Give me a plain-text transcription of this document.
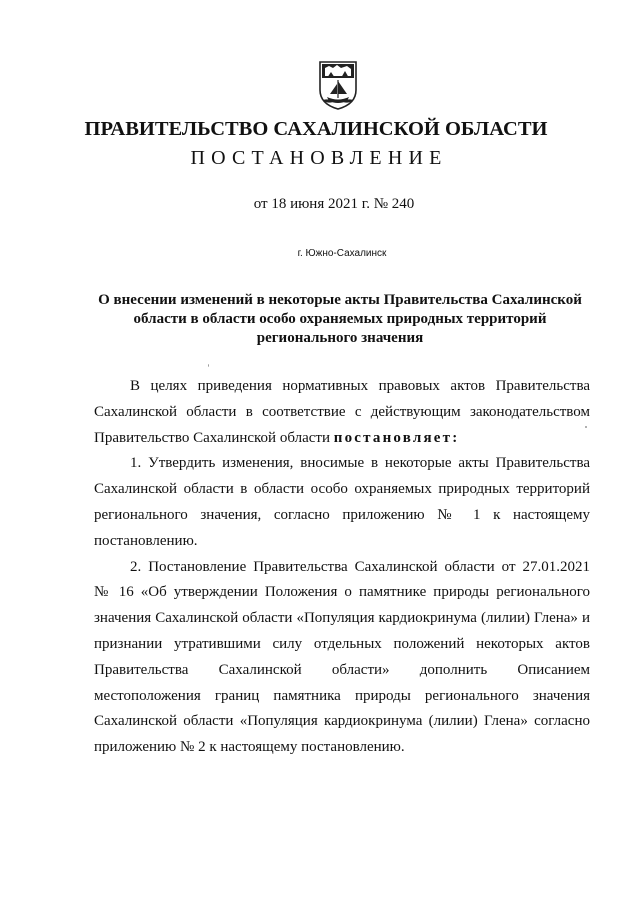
ПРАВИТЕЛЬСТВО САХАЛИНСКОЙ ОБЛАСТИ
ПОСТАНОВЛЕНИЕ
от 18 июня 2021 г. № 240
г. Южно-Сахалинск
О внесении изменений в некоторые акты Правительства Сахалинской
области в области особо охраняемых природных территорий
регионального значения
В целях приведения нормативных правовых актов Правительства
Сахалинской области в соответствие с действующим законодательством
Правительство Сахалинской области постановляет:
1. Утвердить изменения, вносимые в некоторые акты Правительства
Сахалинской области в области особо охраняемых природных территорий
регионального значения, согласно приложению № 1 к настоящему
постановлению.
2. Постановление Правительства Сахалинской области от 27.01.2021
№ 16 «Об утверждении Положения о памятнике природы регионального
значения Сахалинской области «Популяция кардиокринума (лилии) Глена» и
признании утратившими силу отдельных положений некоторых актов
Правительства Сахалинской области» дополнить Описанием
местоположения границ памятника природы регионального значения
Сахалинской области «Популяция кардиокринума (лилии) Глена» согласно
приложению № 2 к настоящему постановлению.
